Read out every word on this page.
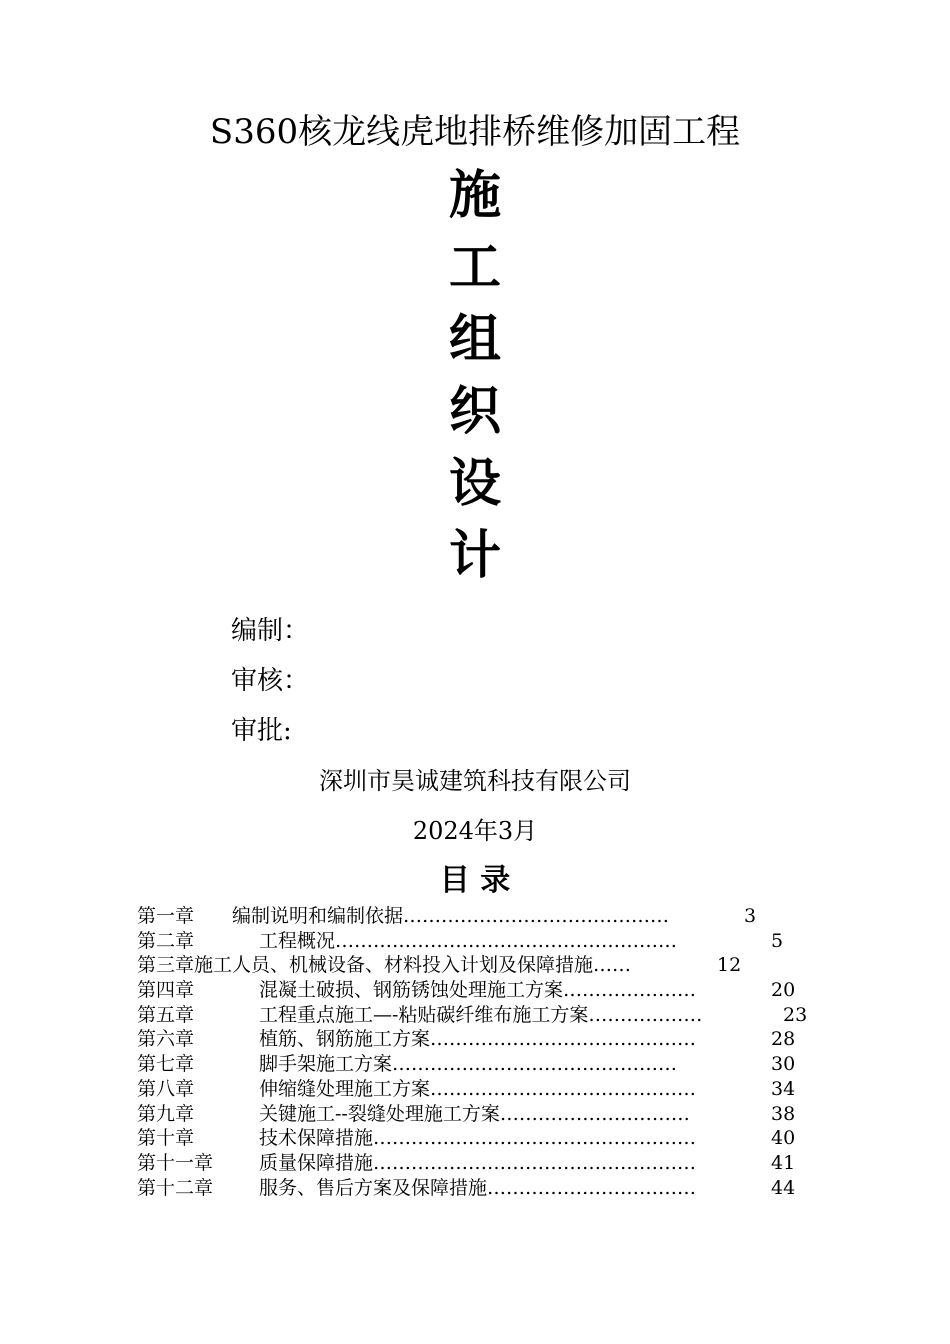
S360核龙线虎地排桥维修加固工程
施
工
组
织
设
计
编制：
审核：
审批:
深圳市昊诚建筑科技有限公司
2024年3月
目 录
第一章 编制说明和编制依据……………………………………	3
第二章	工程概况………………………………………………	5
第三章施工人员、机械设备、材料投入计划及保障措施……	12
第四章	混凝土破损、钢筋锈蚀处理施工方案…………………	20
第五章	工程重点施工—-粘贴碳纤维布施工方案………………	23
第六章	植筋、钢筋施工方案……………………………………	28
第七章	脚手架施工方案………………………………………	30
第八章	伸缩缝处理施工方案……………………………………	34
第九章	关键施工--裂缝处理施工方案…………………………	38
第十章	技术保障措施……………………………………………	40
第十一章 质量保障措施……………………………………………	41
第十二章 服务、售后方案及保障措施……………………………	44
